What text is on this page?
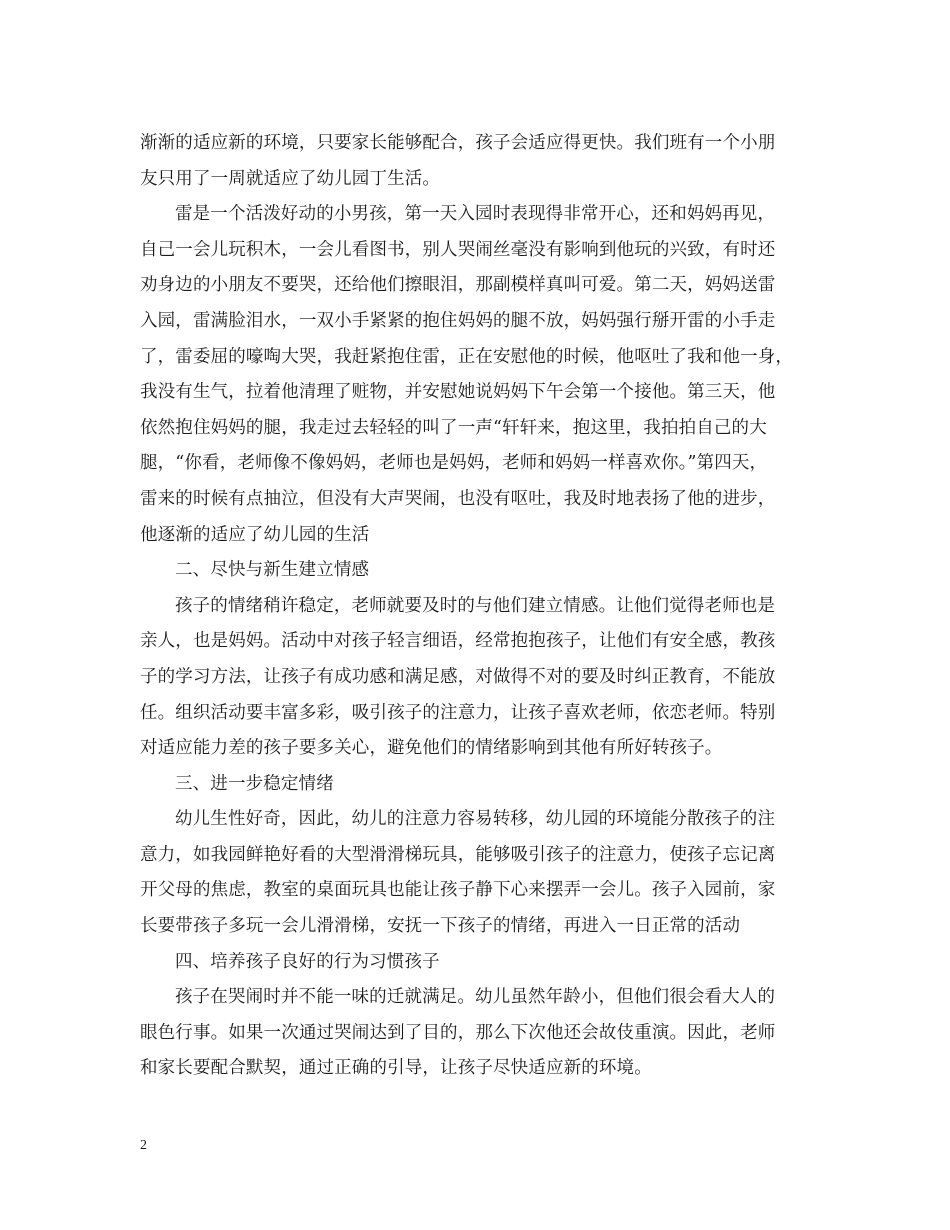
渐渐的适应新的环境，只要家长能够配合，孩子会适应得更快。我们班有一个小朋
友只用了一周就适应了幼儿园丁生活。
雷是一个活泼好动的小男孩，第一天入园时表现得非常开心，还和妈妈再见，
自己一会儿玩积木，一会儿看图书，别人哭闹丝毫没有影响到他玩的兴致，有时还
劝身边的小朋友不要哭，还给他们擦眼泪，那副模样真叫可爱。第二天，妈妈送雷
入园，雷满脸泪水，一双小手紧紧的抱住妈妈的腿不放，妈妈强行掰开雷的小手走
了，雷委屈的嚎啕大哭，我赶紧抱住雷，正在安慰他的时候，他呕吐了我和他一身，
我没有生气，拉着他清理了赃物，并安慰她说妈妈下午会第一个接他。第三天，他
依然抱住妈妈的腿，我走过去轻轻的叫了一声“轩轩来，抱这里，我拍拍自己的大
腿，“你看，老师像不像妈妈，老师也是妈妈，老师和妈妈一样喜欢你。”第四天，
雷来的时候有点抽泣，但没有大声哭闹，也没有呕吐，我及时地表扬了他的进步，
他逐渐的适应了幼儿园的生活
二、尽快与新生建立情感
孩子的情绪稍许稳定，老师就要及时的与他们建立情感。让他们觉得老师也是
亲人，也是妈妈。活动中对孩子轻言细语，经常抱抱孩子，让他们有安全感，教孩
子的学习方法，让孩子有成功感和满足感，对做得不对的要及时纠正教育，不能放
任。组织活动要丰富多彩，吸引孩子的注意力，让孩子喜欢老师，依恋老师。特别
对适应能力差的孩子要多关心，避免他们的情绪影响到其他有所好转孩子。
三、进一步稳定情绪
幼儿生性好奇，因此，幼儿的注意力容易转移，幼儿园的环境能分散孩子的注
意力，如我园鲜艳好看的大型滑滑梯玩具，能够吸引孩子的注意力，使孩子忘记离
开父母的焦虑，教室的桌面玩具也能让孩子静下心来摆弄一会儿。孩子入园前，家
长要带孩子多玩一会儿滑滑梯，安抚一下孩子的情绪，再进入一日正常的活动
四、培养孩子良好的行为习惯孩子
孩子在哭闹时并不能一味的迁就满足。幼儿虽然年龄小，但他们很会看大人的
眼色行事。如果一次通过哭闹达到了目的，那么下次他还会故伎重演。因此，老师
和家长要配合默契，通过正确的引导，让孩子尽快适应新的环境。
2
